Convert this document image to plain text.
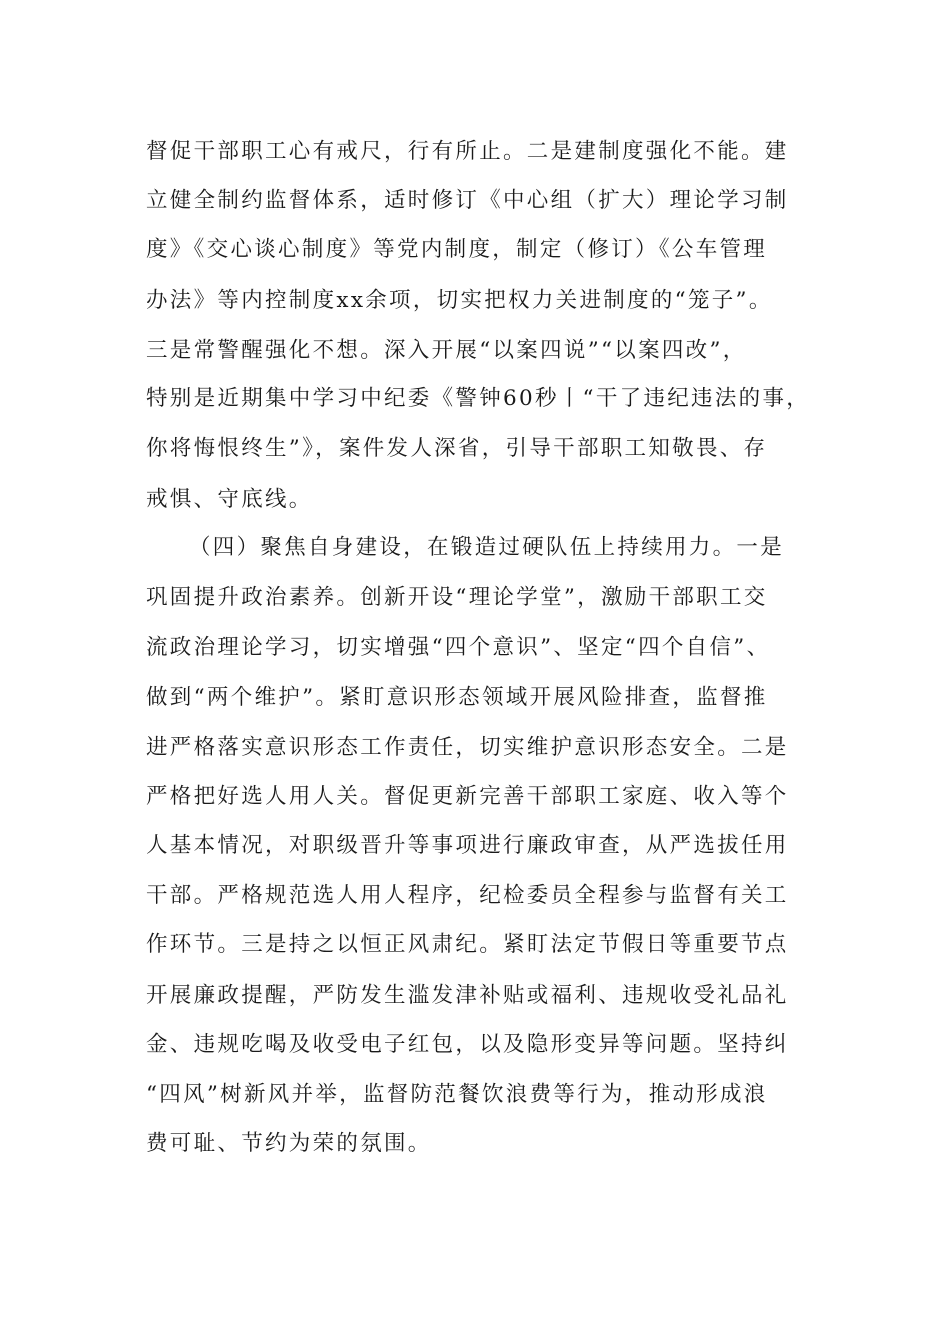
督促干部职工心有戒尺，行有所止。二是建制度强化不能。建
立健全制约监督体系，适时修订《中心组（扩大）理论学习制
度》《交心谈心制度》等党内制度，制定（修订）《公车管理
办法》等内控制度xx余项，切实把权力关进制度的“笼子”。
三是常警醒强化不想。深入开展“以案四说”“以案四改”，
特别是近期集中学习中纪委《警钟60秒丨“干了违纪违法的事，
你将悔恨终生”》，案件发人深省，引导干部职工知敬畏、存
戒惧、守底线。
（四）聚焦自身建设，在锻造过硬队伍上持续用力。一是
巩固提升政治素养。创新开设“理论学堂”，激励干部职工交
流政治理论学习，切实增强“四个意识”、坚定“四个自信”、
做到“两个维护”。紧盯意识形态领域开展风险排查，监督推
进严格落实意识形态工作责任，切实维护意识形态安全。二是
严格把好选人用人关。督促更新完善干部职工家庭、收入等个
人基本情况，对职级晋升等事项进行廉政审查，从严选拔任用
干部。严格规范选人用人程序，纪检委员全程参与监督有关工
作环节。三是持之以恒正风肃纪。紧盯法定节假日等重要节点
开展廉政提醒，严防发生滥发津补贴或福利、违规收受礼品礼
金、违规吃喝及收受电子红包，以及隐形变异等问题。坚持纠
“四风”树新风并举，监督防范餐饮浪费等行为，推动形成浪
费可耻、节约为荣的氛围。
